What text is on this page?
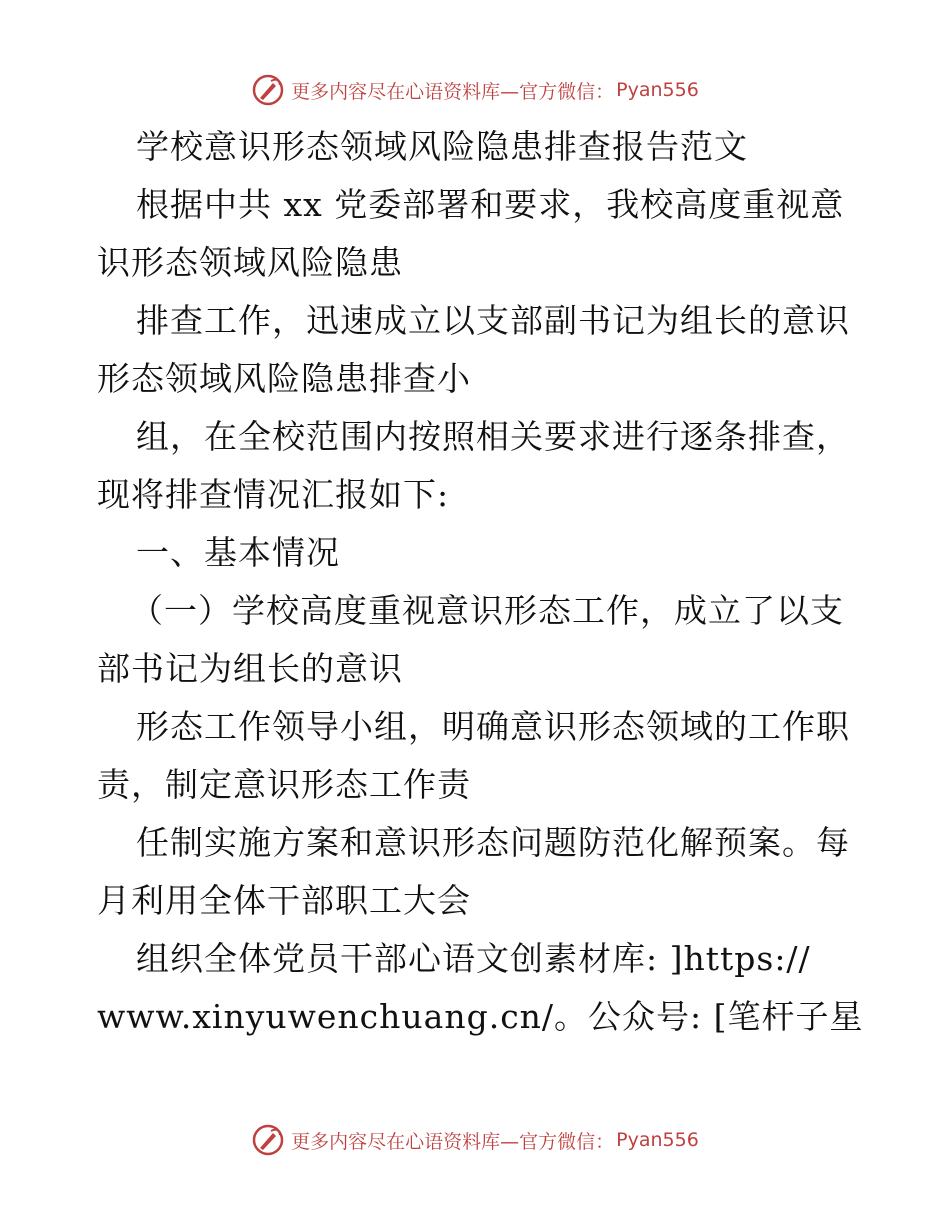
更多内容尽在心语资料库—官方微信： Pyan556
学校意识形态领域风险隐患排查报告范文
根据中共 xx 党委部署和要求，我校高度重视意
识形态领域风险隐患
排查工作，迅速成立以支部副书记为组长的意识
形态领域风险隐患排查小
组，在全校范围内按照相关要求进行逐条排查，
现将排查情况汇报如下:
一、基本情况
（一）学校高度重视意识形态工作，成立了以支
部书记为组长的意识
形态工作领导小组，明确意识形态领域的工作职
责，制定意识形态工作责
任制实施方案和意识形态问题防范化解预案。每
月利用全体干部职工大会
组织全体党员干部心语文创素材库: ]https://
www.xinyuwenchuang.cn/。公众号: [笔杆子星
更多内容尽在心语资料库—官方微信： Pyan556
